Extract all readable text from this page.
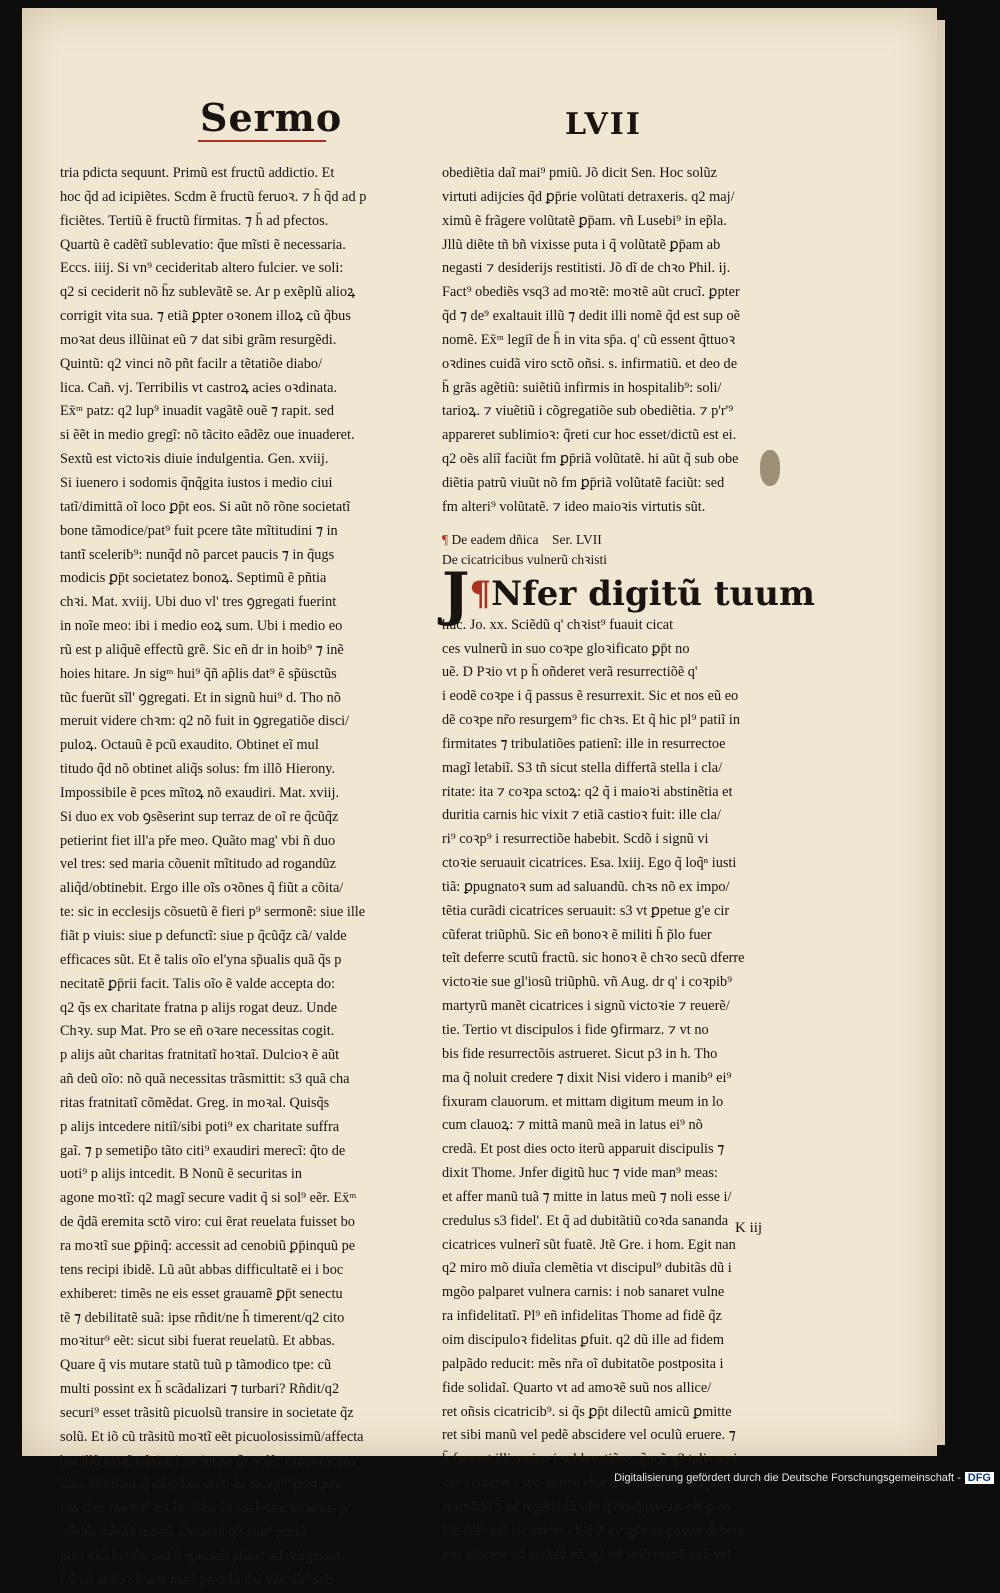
Sermo	LVII
tria pdicta sequunt. Primũ est fructũ addictio. Et
hoc q̃d ad icipiẽtes. Scdm ẽ fructũ feruoꝛ. ⁊ h̄ q̃d ad p
ficiẽtes. Tertiũ ẽ fructũ firmitas. ⁊ h̄ ad pfectos.
Quartũ ẽ cadẽtĩ sublevatio: q̃ue mĩsti ẽ necessaria.
Eccs. iiij. Si vn⁹ cecideritab altero fulcier. ve soli:
q2 si ceciderit nõ h̄z sublevãtẽ se. Ar p exẽplũ alioꝝ
corrigit vita sua. ⁊ etiã ꝑpter oꝛonem illoꝝ cũ q̃bus
moꝛat deus illũinat eũ ⁊ dat sibi grãm resurgẽdi.
Quintũ: q2 vinci nõ pñt facilr a tẽtatiõe diabo/
lica. Cañ. vj. Terribilis vt castroꝝ acies oꝛdinata.
Ex̄ᵐ patz: q2 lup⁹ inuadit vagãtẽ ouẽ ⁊ rapit. sed
si ẽẽt in medio gregĩ: nõ tãcito eãdẽz oue inuaderet.
Sextũ est victoꝛis diuie indulgentia. Gen. xviij.
Si iuenero i sodomis q̃nq̃gita iustos i medio ciui
tatĩ/dimittã oĩ loco ꝑp̄t eos. Si aũt nõ rõne societatĩ
bone tãmodice/pat⁹ fuit pcere tãte mĩtitudini ⁊ in
tantĩ scelerib⁹: nunq̃d nõ parcet paucis ⁊ in q̃ugs
modicis ꝑp̄t societatez bonoꝝ. Septimũ ẽ pñtia
chꝛi. Mat. xviij. Ubi duo vl' tres ꝯgregati fuerint
in noĩe meo: ibi i medio eoꝝ sum. Ubi i medio eo
rũ est p aliq̃uẽ effectũ grẽ. Sic eñ dr in hoib⁹ ⁊ inẽ
hoies hitare. Jn sigᵐ hui⁹ q̃ñ ap̃lis dat⁹ ẽ sp̃üsctũs
tũc fuerũt sĩl' ꝯgregati. Et in signũ hui⁹ d. Tho nõ
meruit videre chꝛm: q2 nõ fuit in ꝯgregatiõe disci/
puloꝝ. Octauũ ẽ pcũ exaudito. Obtinet eĩ mul
titudo q̃d nõ obtinet aliq̃s solus: fm illõ Hierony.
Impossibile ẽ pces mĩtoꝝ nõ exaudiri. Mat. xviij.
Si duo ex vob ꝯsẽserint sup terraz de oĩ re q̃cũq̃z
petierint fiet ill'a pře meo. Quãto mag' vbi ñ duo
vel tres: sed maria cõuenit mĩtitudo ad rogandũz
aliq̃d/obtinebit. Ergo ille oĩs oꝛõnes q̃ fiũt a cõita/
te: sic in ecclesijs cõsuetũ ẽ fieri p⁹ sermonẽ: siue ille
fiãt p viuis: siue p defunctĩ: siue p q̃cũq̃z cã/ valde
efficaces sũt. Et ẽ talis oĩo el'yna sp̃ualis quã q̃s p
necitatẽ ꝑp̄rii facit. Talis oĩo ẽ valde accepta do:
q2 q̃s ex charitate fratna p alijs rogat deuz. Unde
Chꝛy. sup Mat. Pro se eñ oꝛare necessitas cogit.
p alijs aũt charitas fratnitatĩ hoꝛtaĩ. Dulcioꝛ ẽ aũt
añ deũ oĩo: nõ quã necessitas trãsmittit: s3 quã cha
ritas fratnitatĩ cõmẽdat. Greg. in moꝛal. Quisq̃s
p alijs intcedere nitiĩ/sibi poti⁹ ex charitate suffra
gaĩ. ⁊ p semetip̃o tãto citi⁹ exaudiri merecĩ: q̃to de
uoti⁹ p alijs intcedit. B Nonũ ẽ securitas in
agone moꝛtĩ: q2 magĩ secure vadit q̃ si sol⁹ eẽr. Ex̄ᵐ
de q̃dã eremita sctõ viro: cui ẽrat reuelata fuisset bo
ra moꝛtĩ sue ꝑp̄inq̃: accessit ad cenobiũ ꝑp̄inquũ pe
tens recipi ibidẽ. Lũ aũt abbas difficultatẽ ei i boc
exhiberet: timẽs ne eis esset grauamẽ ꝑp̄t senectu
tẽ ⁊ debilitatẽ suã: ipse rñdit/ne h̄ timerent/q2 cito
moꝛitur⁹ eẽt: sicut sibi fuerat reuelatũ. Et abbas.
Quare q̃ vis mutare statũ tuũ p tãmodico tpe: cũ
multi possint ex h̄ scãdalizari ⁊ turbari? Rñdit/q2
securi⁹ esset trãsitũ picuolsũ transire in societate q̃z
solũ. Et iõ cũ trãsitũ moꝛtĩ eẽt picuolosissimũ/affecta
bat illũ magĩ trãsire i societate q̃z solũ: expauescens
illos inimicos q̃ ibi pñtes erũt. Et recept⁹/post pau
cos dies moꝛtu⁹ est int frẽs: in societate securius p/
trãsiẽs trãsitũ moꝛtĩ. Decimũ q2 mat⁹ pmiũ
post vitã hẽbũt. sed h̄ specialr ptinet ad religiosos.
Lũ eñ maioꝛ fructi mat⁹ premiũ daĩ viuctib⁹ sub
obediẽtia daĩ mai⁹ pmiũ. Jõ dicit Sen. Hoc solũz
virtuti adijcies q̃d ꝑp̄rie volũtati detraxeris. q2 maj/
ximũ ẽ frãgere volũtatẽ ꝑp̄am. vñ Lusebi⁹ in ep̃la.
Jllũ diẽte tñ bñ vixisse puta i q̃ volũtatẽ ꝑp̄am ab
negasti ⁊ desiderijs restitisti. Jõ dĩ de chꝛo Phil. ij.
Fact⁹ obediẽs vsq3 ad moꝛtẽ: moꝛtẽ aũt crucĩ. ꝑpter
q̃d ⁊ de⁹ exaltauit illũ ⁊ dedit illi nomẽ q̃d est sup oẽ
nomẽ. Ex̄ᵐ legiĩ de h̄ in vita sp̄a. q' cũ essent q̃ttuoꝛ
oꝛdines cuidã viro sctõ oñsi. s. infirmatiũ. et deo de
h̄ grãs agẽtiũ: suiẽtiũ infirmis in hospitalib⁹: soli/
tarioꝝ. ⁊ viuẽtiũ i cõgregatiõe sub obediẽtia. ⁊ p'r'⁹
appareret sublimioꝛ: q̃reti cur hoc esset/dictũ est ei.
q2 oẽs aliĩ faciũt fm ꝑp̄riã volũtatẽ. hi aũt q̃ sub obe
diẽtia patrũ viuũt nõ fm ꝑp̄riã volũtatẽ faciũt: sed
fm alteri⁹ volũtatẽ. ⁊ ideo maioꝛis virtutis sũt.
¶ De eadem dñica Ser. LVII
De cicatricibus vulnerũ chꝛisti
J¶Nfer digitũ tuum
huc. Jo. xx. Sciẽdũ q' chꝛist⁹ fuauit cicat
ces vulnerũ in suo coꝛpe gloꝛificato ꝑp̄t no
uẽ. D Pꝛio vt p h̄ oñderet verã resurrectiõẽ q'
i eodẽ coꝛpe i q̃ passus ẽ resurrexit. Sic et nos eũ eo
dẽ coꝛpe nr̃o resurgem⁹ fic chꝛs. Et q̃ hic pl⁹ patiĩ in
firmitates ⁊ tribulatiões patienĩ: ille in resurrectoe
magĩ letabiĩ. S3 tñ sicut stella differtã stella i cla/
ritate: ita ⁊ coꝛpa sctoꝝ: q2 q̃ i maioꝛi abstinẽtia et
duritia carnis hic vixit ⁊ etiã castioꝛ fuit: ille cla/
ri⁹ coꝛp⁹ i resurrectiõe habebit. Scdõ i signũ vi
ctoꝛie seruauit cicatrices. Esa. lxiij. Ego q̃ loq̃ⁿ iusti
tiã: ꝑpugnatoꝛ sum ad saluandũ. chꝛs nõ ex impo/
tẽtia curãdi cicatrices seruauit: s3 vt ꝑpetue g'e cir
cũferat triũphũ. Sic eñ bonoꝛ ẽ militi h̄ p̃lo fuer
teĩt deferre scutũ fractũ. sic honoꝛ ẽ chꝛo secũ dferre
victoꝛie sue gl'iosũ triũphũ. vñ Aug. dr q' i coꝛpib⁹
martyrũ manẽt cicatrices i signũ victoꝛie ⁊ reuerẽ/
tie. Tertio vt discipulos i fide ꝯfirmarz. ⁊ vt no
bis fide resurrectõis astrueret. Sicut p3 in h. Tho
ma q̃ noluit credere ⁊ dixit Nisi videro i manib⁹ ei⁹
fixuram clauorum. et mittam digitum meum in lo
cum clauoꝝ: ⁊ mittã manũ meã in latus ei⁹ nõ
credã. Et post dies octo iterũ apparuit discipulis ⁊
dixit Thome. Jnfer digitũ huc ⁊ vide man⁹ meas:
et affer manũ tuã ⁊ mitte in latus meũ ⁊ noli esse i/
credulus s3 fidel'. Et q̃ ad dubitãtiũ coꝛda sananda
cicatrices vulnerĩ sũt fuatẽ. Jtẽ Gre. i hom. Egit nan
q2 miro mõ diuĩa clemẽtia vt discipul⁹ dubitãs dũ i
mgõo palparet vulnera carnis: i nob sanaret vulne
ra infidelitatĩ. Pl⁹ eñ infidelitas Thome ad fidẽ q̃z
oim discipuloꝛ fidelitas ꝑfuit. q2 dũ ille ad fidem
palpãdo reducit: mẽs nr̃a oĩ dubitatõe postposita i
fide solidaĩ. Quarto vt ad amoꝛẽ suũ nos allice/
ret oñsis cicatricib⁹. si q̃s ꝑp̄t dilectũ amicũ ꝑmitte
ret sibi manũ vel pedẽ abscidere vel oculũ eruere. ⁊
h̄ faceret illi amico i sublevatiõez. q̃ncũ q3 talis ami
cus cerneret i suo amico charitatẽ allicereĩ vtiq3 ad
reamãdũ ⁊ ad regẽtiãdũ sibi q̃ bis q̃ passus eẽt p eo
Sic fili⁹ mõ cicatrices chꝛi ⁊ ei⁹ gl'iosa passio debent
nos allicere ad amãdũ eũ. q2 nõ solũ manũ vnã vel
K iij
Digitalisierung gefördert durch die Deutsche Forschungsgemeinschaft - DFG
